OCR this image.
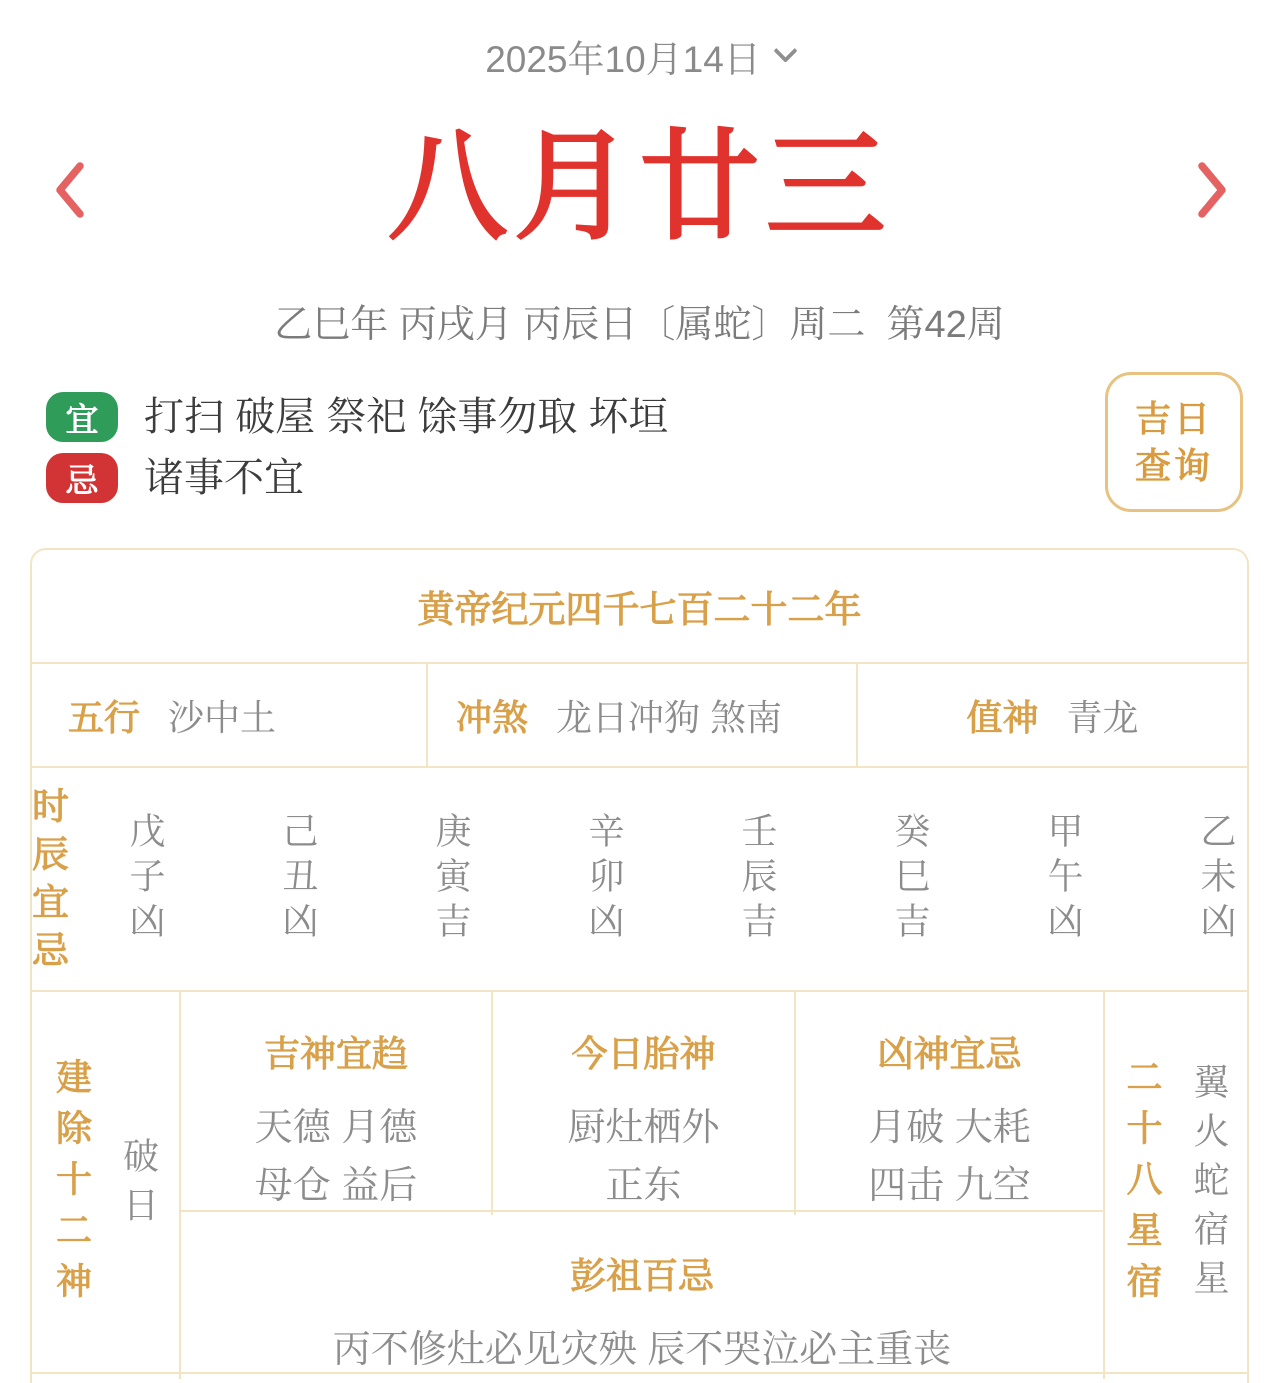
2025年10月14日
八月廿三
乙巳年 丙戌月 丙辰日〔属蛇〕周二  第42周
宜	打扫 破屋 祭祀 馀事勿取 坏垣
忌	诸事不宜
吉日
查询
黄帝纪元四千七百二十二年
五行 沙中土	冲煞 龙日冲狗 煞南	值神 青龙
时辰
宜忌
戊子凶	己丑凶	庚寅吉	辛卯凶	壬辰吉	癸巳吉	甲午凶	乙未凶
建除十二神 破日
吉神宜趋
天德 月德
母仓 益后
今日胎神
厨灶栖外
正东
凶神宜忌
月破 大耗
四击 九空
彭祖百忌
丙不修灶必见灾殃 辰不哭泣必主重丧
二十八星宿 翼火蛇宿星
